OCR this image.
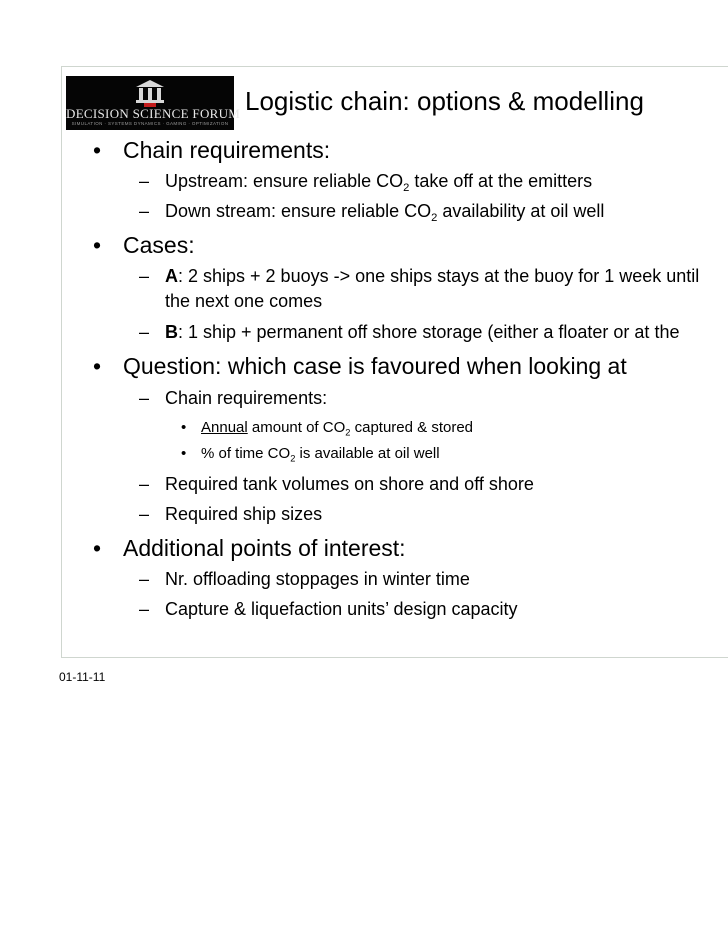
DECISION SCIENCE FORUM
SIMULATION · SYSTEMS DYNAMICS · GAMING · OPTIMIZATION
Logistic chain: options & modelling
• Chain requirements:
– Upstream: ensure reliable $CO_2$ take off at the emitters
– Down stream: ensure reliable $CO_2$ availability at oil well
• Cases:
– A: 2 ships + 2 buoys -> one ships stays at the buoy for 1 week until
the next one comes
– B: 1 ship + permanent off shore storage (either a floater or at the
• Question: which case is favoured when looking at
– Chain requirements:
• Annual amount of $CO_2$ captured & stored
• % of time $CO_2$ is available at oil well
– Required tank volumes on shore and off shore
– Required ship sizes
• Additional points of interest:
– Nr. offloading stoppages in winter time
– Capture & liquefaction units’ design capacity
01-11-11
